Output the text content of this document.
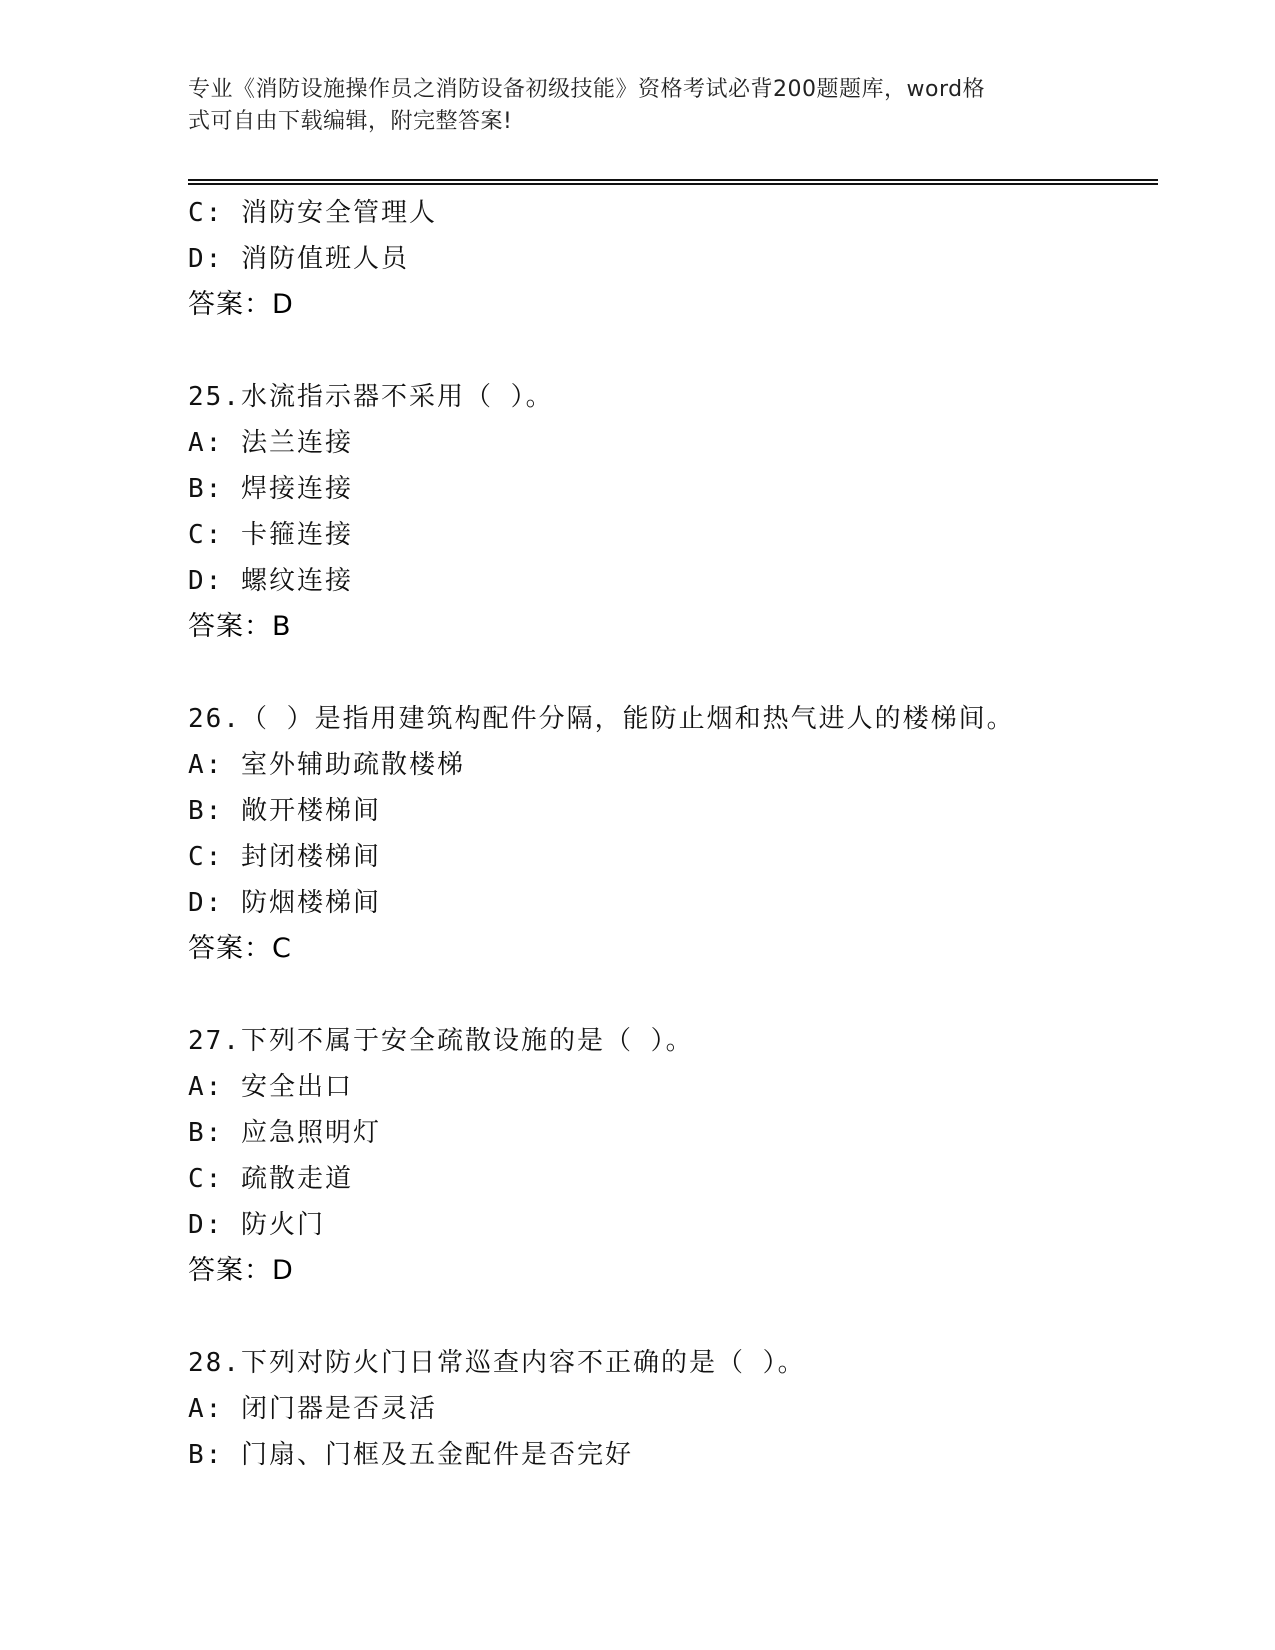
专业《消防设施操作员之消防设备初级技能》资格考试必背200题题库，word格
式可自由下载编辑，附完整答案!
C: 消防安全管理人
D: 消防值班人员
答案：D
25.水流指示器不采用（ ）。
A: 法兰连接
B: 焊接连接
C: 卡箍连接
D: 螺纹连接
答案：B
26.（ ）是指用建筑构配件分隔，能防止烟和热气进人的楼梯间。
A: 室外辅助疏散楼梯
B: 敞开楼梯间
C: 封闭楼梯间
D: 防烟楼梯间
答案：C
27.下列不属于安全疏散设施的是（ ）。
A: 安全出口
B: 应急照明灯
C: 疏散走道
D: 防火门
答案：D
28.下列对防火门日常巡查内容不正确的是（ ）。
A: 闭门器是否灵活
B: 门扇、门框及五金配件是否完好
